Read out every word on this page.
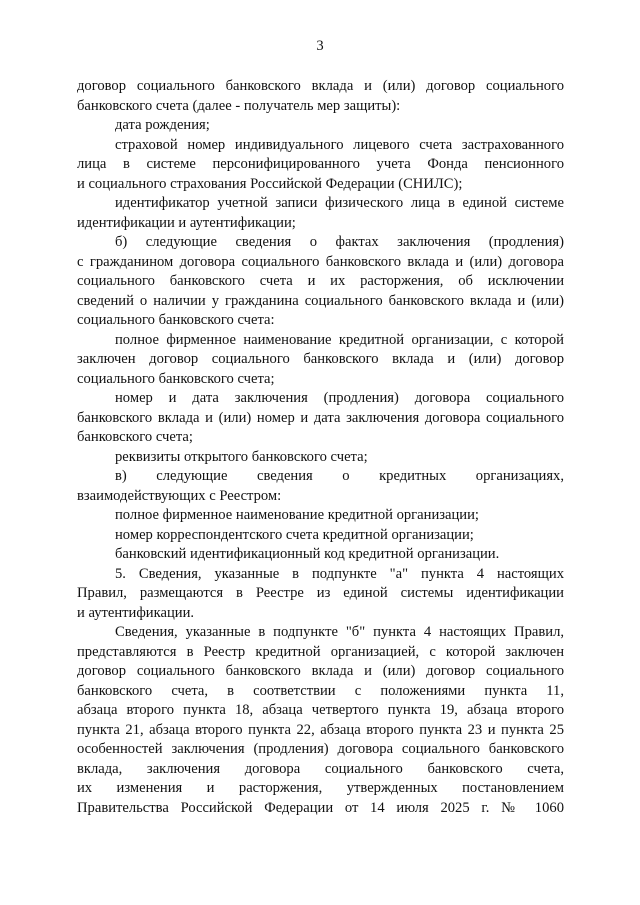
3
договор социального банковского вклада и (или) договор социального
банковского счета (далее - получатель мер защиты):
дата рождения;
страховой номер индивидуального лицевого счета застрахованного
лица в системе персонифицированного учета Фонда пенсионного
и социального страхования Российской Федерации (СНИЛС);
идентификатор учетной записи физического лица в единой системе
идентификации и аутентификации;
б) следующие сведения о фактах заключения (продления)
с гражданином договора социального банковского вклада и (или) договора
социального банковского счета и их расторжения, об исключении
сведений о наличии у гражданина социального банковского вклада и (или)
социального банковского счета:
полное фирменное наименование кредитной организации, с которой
заключен договор социального банковского вклада и (или) договор
социального банковского счета;
номер и дата заключения (продления) договора социального
банковского вклада и (или) номер и дата заключения договора социального
банковского счета;
реквизиты открытого банковского счета;
в) следующие сведения о кредитных организациях,
взаимодействующих с Реестром:
полное фирменное наименование кредитной организации;
номер корреспондентского счета кредитной организации;
банковский идентификационный код кредитной организации.
5. Сведения, указанные в подпункте "а" пункта 4 настоящих
Правил, размещаются в Реестре из единой системы идентификации
и аутентификации.
Сведения, указанные в подпункте "б" пункта 4 настоящих Правил,
представляются в Реестр кредитной организацией, с которой заключен
договор социального банковского вклада и (или) договор социального
банковского счета, в соответствии с положениями пункта 11,
абзаца второго пункта 18, абзаца четвертого пункта 19, абзаца второго
пункта 21, абзаца второго пункта 22, абзаца второго пункта 23 и пункта 25
особенностей заключения (продления) договора социального банковского
вклада, заключения договора социального банковского счета,
их изменения и расторжения, утвержденных постановлением
Правительства Российской Федерации от 14 июля 2025 г. № 1060
